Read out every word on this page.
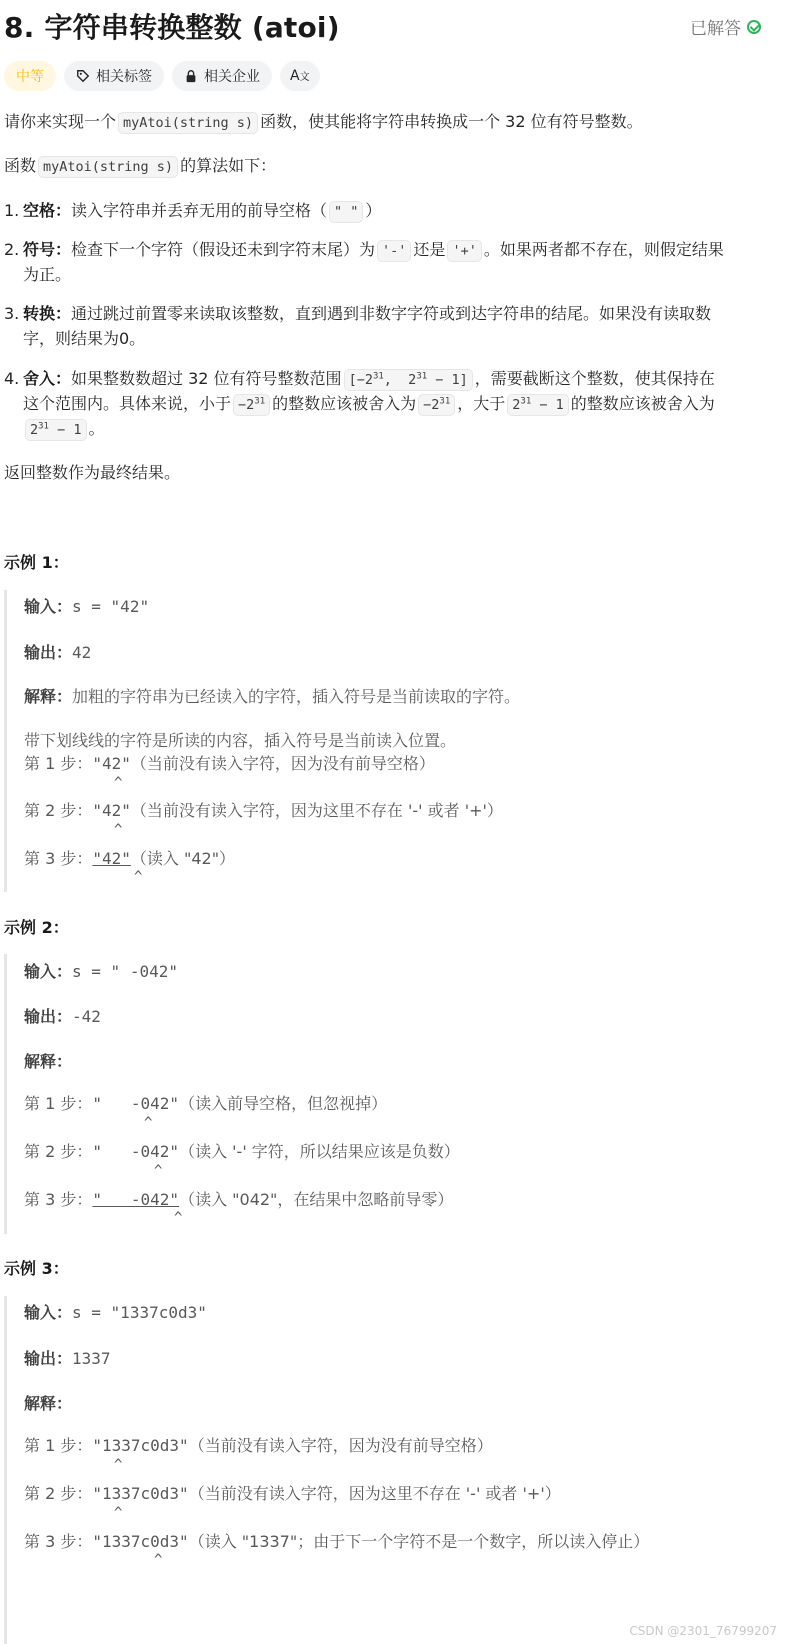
8. 字符串转换整数 (atoi)	已解答
中等	相关标签	相关企业 A文
请你来实现一个 myAtoi(string s) 函数，使其能将字符串转换成一个 32 位有符号整数。
函数 myAtoi(string s) 的算法如下：
1. 空格：读入字符串并丢弃无用的前导空格（ " " ）
2. 符号：检查下一个字符（假设还未到字符末尾）为 '-' 还是 '+' 。如果两者都不存在，则假定结果为正。
3. 转换：通过跳过前置零来读取该整数，直到遇到非数字字符或到达字符串的结尾。如果没有读取数字，则结果为0。
4. 舍入：如果整数数超过 32 位有符号整数范围 [$-2^{31}$,  $2^{31} - 1$] ，需要截断这个整数，使其保持在这个范围内。具体来说，小于 $-2^{31}$ 的整数应该被舍入为 $-2^{31}$ ，大于 $2^{31} - 1$ 的整数应该被舍入为$2^{31} - 1$ 。
返回整数作为最终结果。
示例 1：
输入：s = "42"
输出：42
解释：加粗的字符串为已经读入的字符，插入符号是当前读取的字符。
带下划线线的字符是所读的内容，插入符号是当前读入位置。
第 1 步："42"（当前没有读入字符，因为没有前导空格）
^
第 2 步："42"（当前没有读入字符，因为这里不存在 '-' 或者 '+'）
^
第 3 步："42"（读入 "42"）
^
示例 2：
输入：s = " -042"
输出：-42
解释：
第 1 步："   -042"（读入前导空格，但忽视掉）
^
第 2 步："   -042"（读入 '-' 字符，所以结果应该是负数）
^
第 3 步："   -042"（读入 "042"，在结果中忽略前导零）
^
示例 3：
输入：s = "1337c0d3"
输出：1337
解释：
第 1 步："1337c0d3"（当前没有读入字符，因为没有前导空格）
^
第 2 步："1337c0d3"（当前没有读入字符，因为这里不存在 '-' 或者 '+'）
^
第 3 步："1337c0d3"（读入 "1337"；由于下一个字符不是一个数字，所以读入停止）
^
CSDN @2301_76799207
